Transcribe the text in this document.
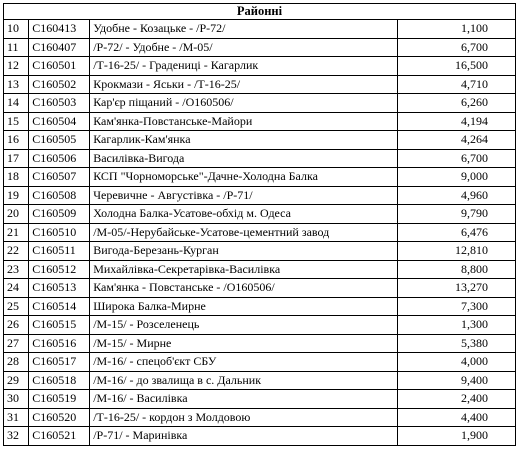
Районні			
10	С160413	Удобне - Козацьке - /Р-72/	1,100
11	С160407	/Р-72/ - Удобне - /М-05/	6,700
12	С160501	/Т-16-25/ - Градениці - Кагарлик	16,500
13	С160502	Крокмази - Яськи - /Т-16-25/	4,710
14	С160503	Кар'єр піщаний - /О160506/	6,260
15	С160504	Кам'янка-Повстанське-Майори	4,194
16	С160505	Кагарлик-Кам'янка	4,264
17	С160506	Василівка-Вигода	6,700
18	С160507	КСП "Чорноморське"-Дачне-Холодна Балка	9,000
19	С160508	Черевичне - Августівка - /Р-71/	4,960
20	С160509	Холодна Балка-Усатове-обхід м. Одеса	9,790
21	С160510	/М-05/-Нерубайське-Усатове-цементний завод	6,476
22	С160511	Вигода-Березань-Курган	12,810
23	С160512	Михайлівка-Секретарівка-Василівка	8,800
24	С160513	Кам'янка - Повстанське - /О160506/	13,270
25	С160514	Широка Балка-Мирне	7,300
26	С160515	/М-15/ - Розселенець	1,300
27	С160516	/М-15/ - Мирне	5,380
28	С160517	/М-16/ - спецоб'єкт СБУ	4,000
29	С160518	/М-16/ - до звалища в с. Дальник	9,400
30	С160519	/М-16/ - Василівка	2,400
31	С160520	/Т-16-25/ - кордон з Молдовою	4,400
32	С160521	/Р-71/ - Маринівка	1,900
